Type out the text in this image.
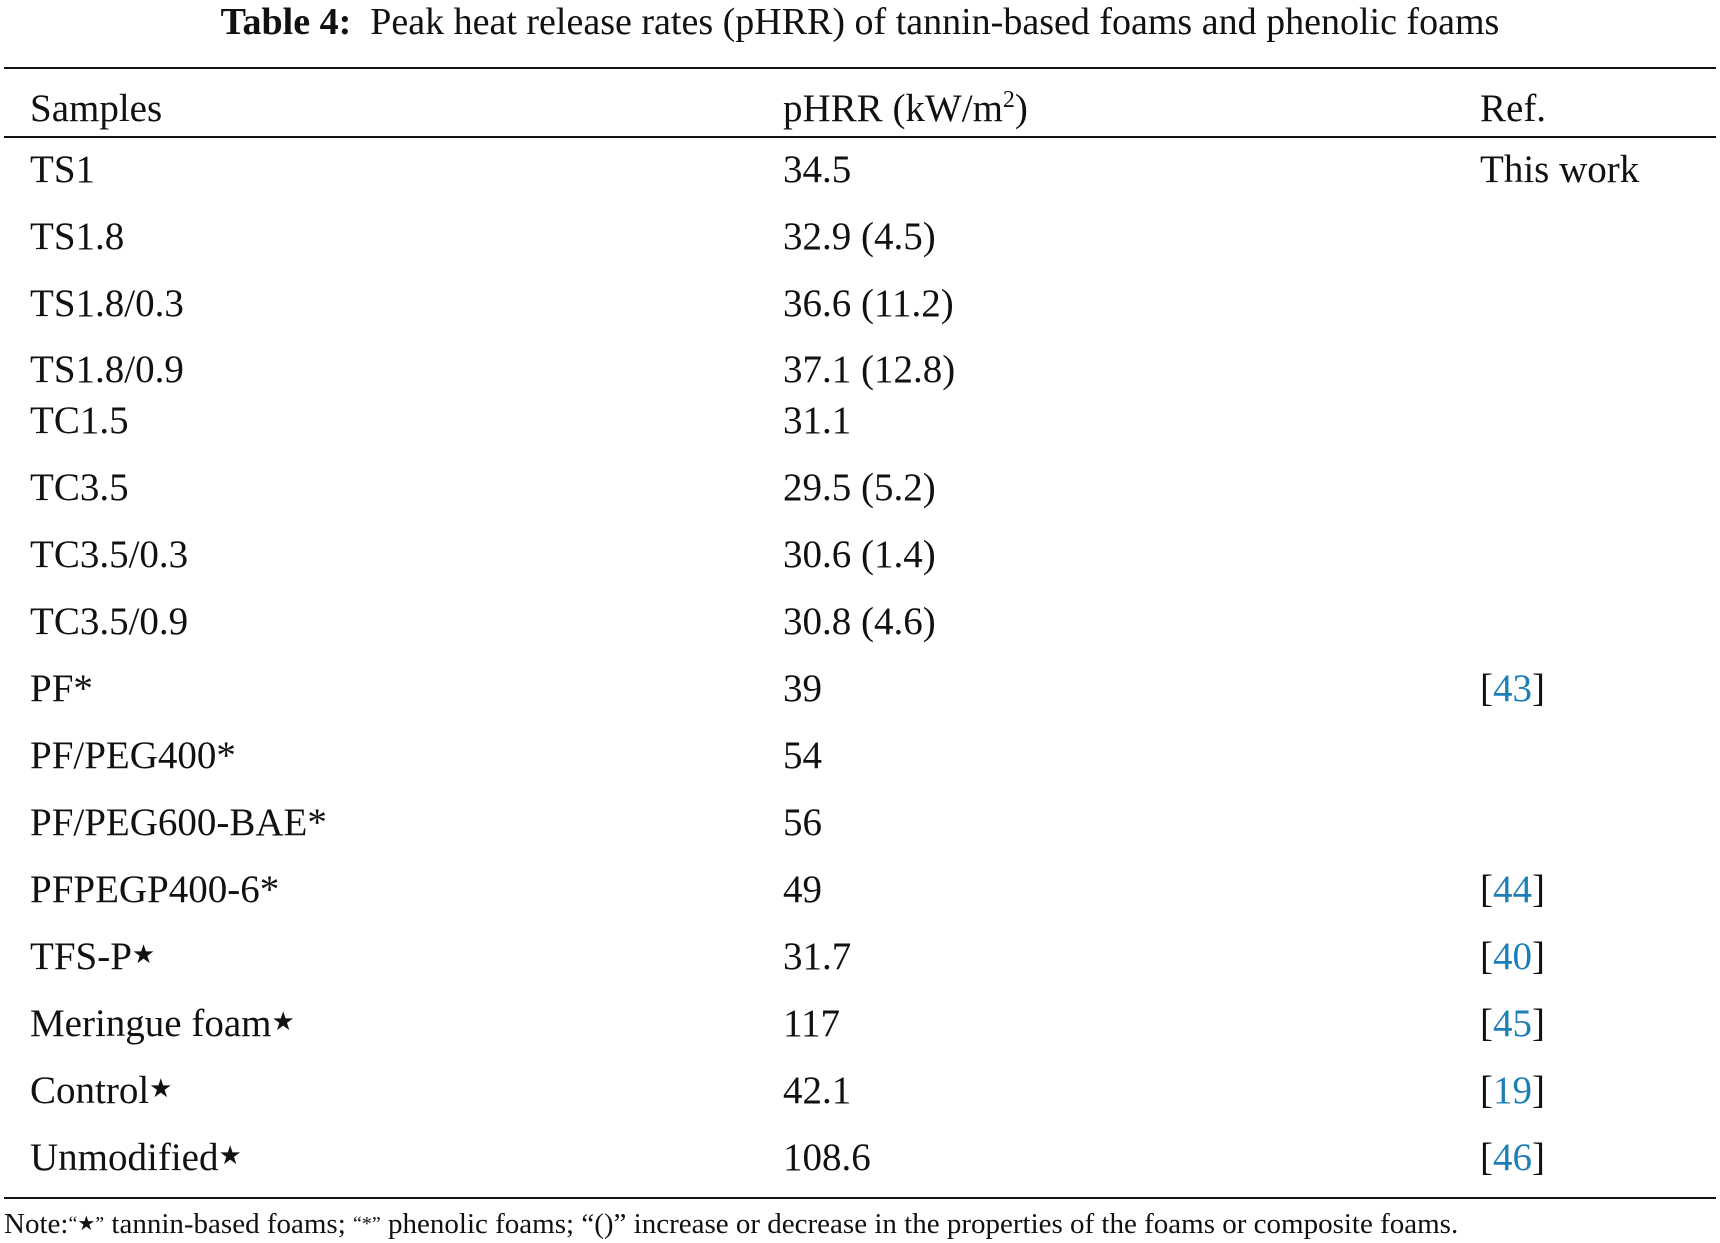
Table 4: Peak heat release rates (pHRR) of tannin-based foams and phenolic foams
Samples	pHRR $(kW/m^2)$	Ref.
TS1	34.5	This work
TS1.8	32.9 (4.5)
TS1.8/0.3	36.6 (11.2)
TS1.8/0.9	37.1 (12.8)
TC1.5	31.1
TC3.5	29.5 (5.2)
TC3.5/0.3	30.6 (1.4)
TC3.5/0.9	30.8 (4.6)
PF*	39	[43]
PF/PEG400*	54
PF/PEG600-BAE*	56
PFPEGP400-6*	49	[44]
TFS-P★	31.7	[40]
Meringue foam★	117	[45]
Control★	42.1	[19]
Unmodified★	108.6	[46]
Note:“★” tannin-based foams; “*” phenolic foams; “()” increase or decrease in the properties of the foams or composite foams.
